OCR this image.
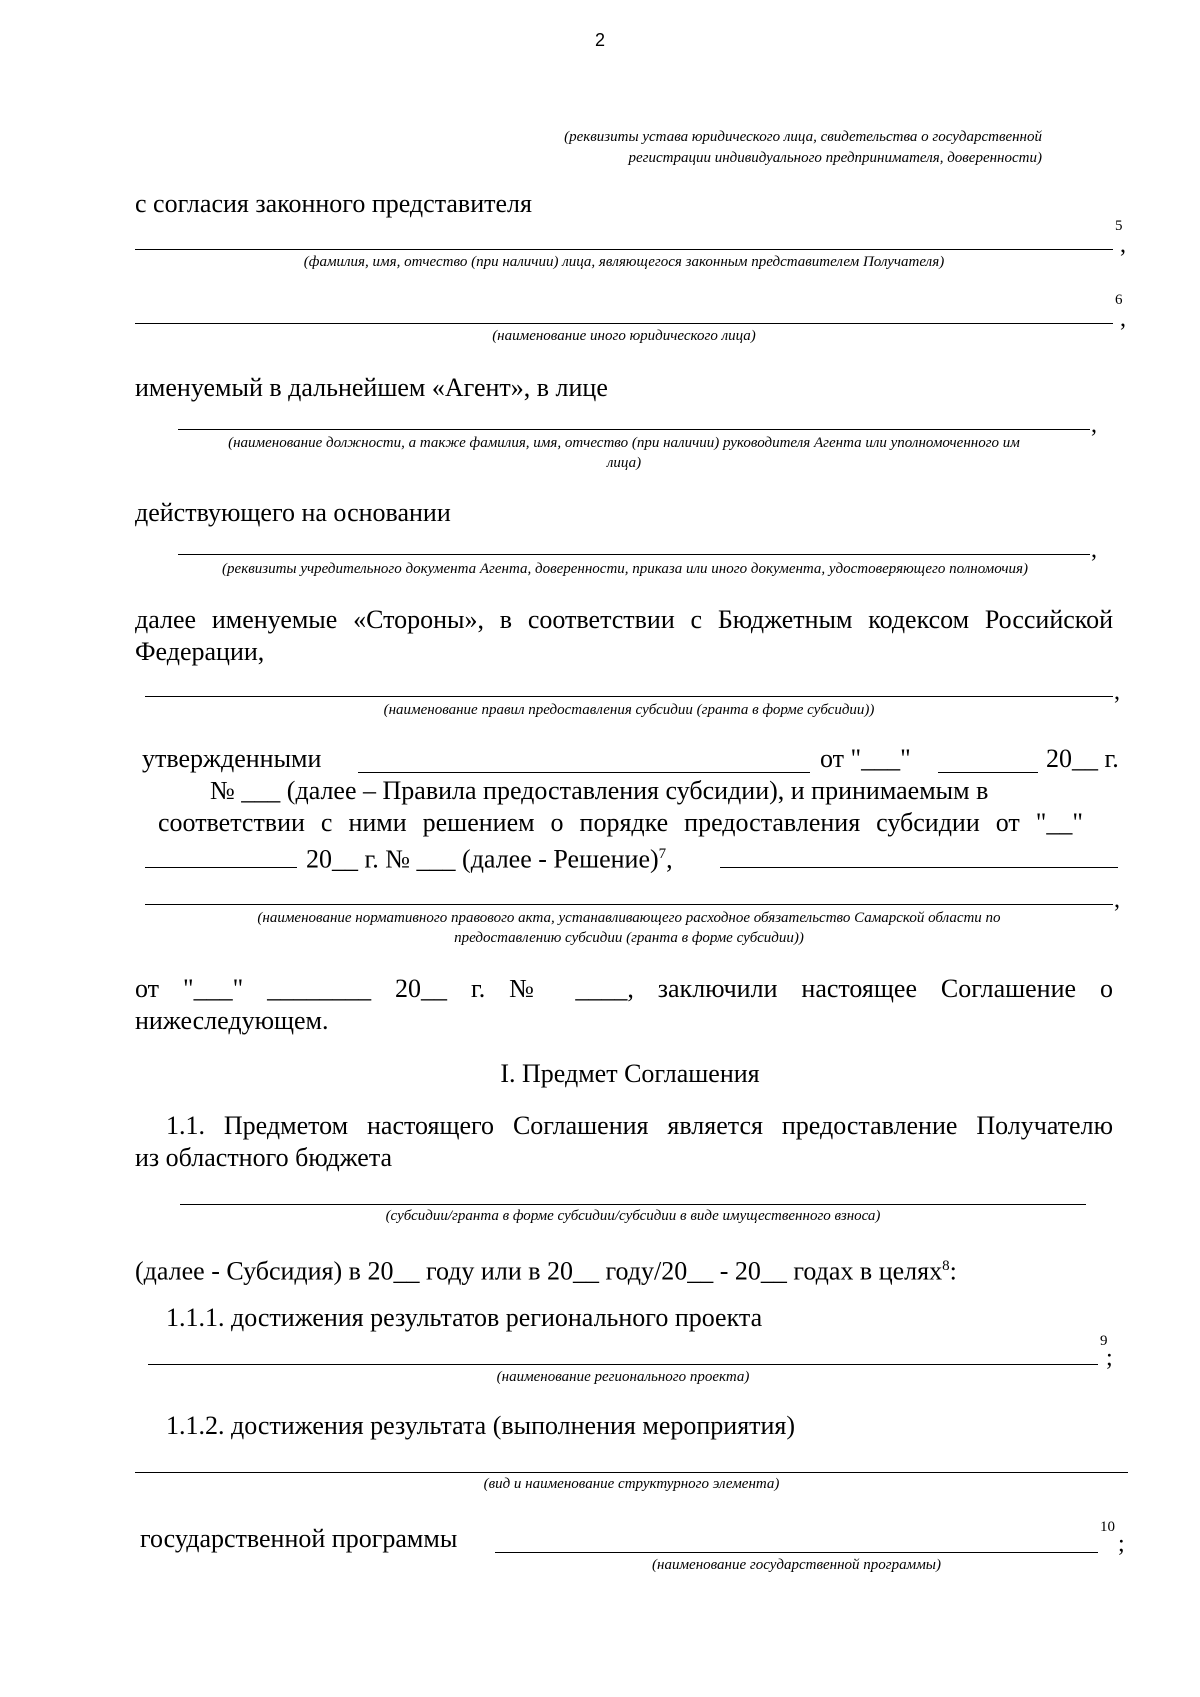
2
(реквизиты устава юридического лица, свидетельства о государственной
регистрации индивидуального предпринимателя, доверенности)
с согласия законного представителя
5
,
(фамилия, имя, отчество (при наличии) лица, являющегося законным представителем Получателя)
6
,
(наименование иного юридического лица)
именуемый в дальнейшем «Агент», в лице
,
(наименование должности, а также фамилия, имя, отчество (при наличии) руководителя Агента или уполномоченного им
лица)
действующего на основании
,
(реквизиты учредительного документа Агента, доверенности, приказа или иного документа, удостоверяющего полномочия)
далее именуемые «Стороны», в соответствии с Бюджетным кодексом Российской
Федерации,
,
(наименование правил предоставления субсидии (гранта в форме субсидии))
утвержденными	от "___"	20__ г.
№ ___ (далее – Правила предоставления субсидии), и принимаемым в
соответствии с ними решением о порядке предоставления субсидии от "__"
20__ г. № ___ (далее - Решение)$^7$,
,
(наименование нормативного правового акта, устанавливающего расходное обязательство Самарской области по
предоставлению субсидии (гранта в форме субсидии))
от "___" ________ 20__ г. № ____, заключили настоящее Соглашение о
нижеследующем.
I. Предмет Соглашения
1.1. Предметом настоящего Соглашения является предоставление Получателю
из областного бюджета
(субсидии/гранта в форме субсидии/субсидии в виде имущественного взноса)
(далее - Субсидия) в 20__ году или в 20__ году/20__ - 20__ годах в целях$^8$:
1.1.1. достижения результатов регионального проекта
9
;
(наименование регионального проекта)
1.1.2. достижения результата (выполнения мероприятия)
(вид и наименование структурного элемента)
государственной программы	10
;
(наименование государственной программы)
